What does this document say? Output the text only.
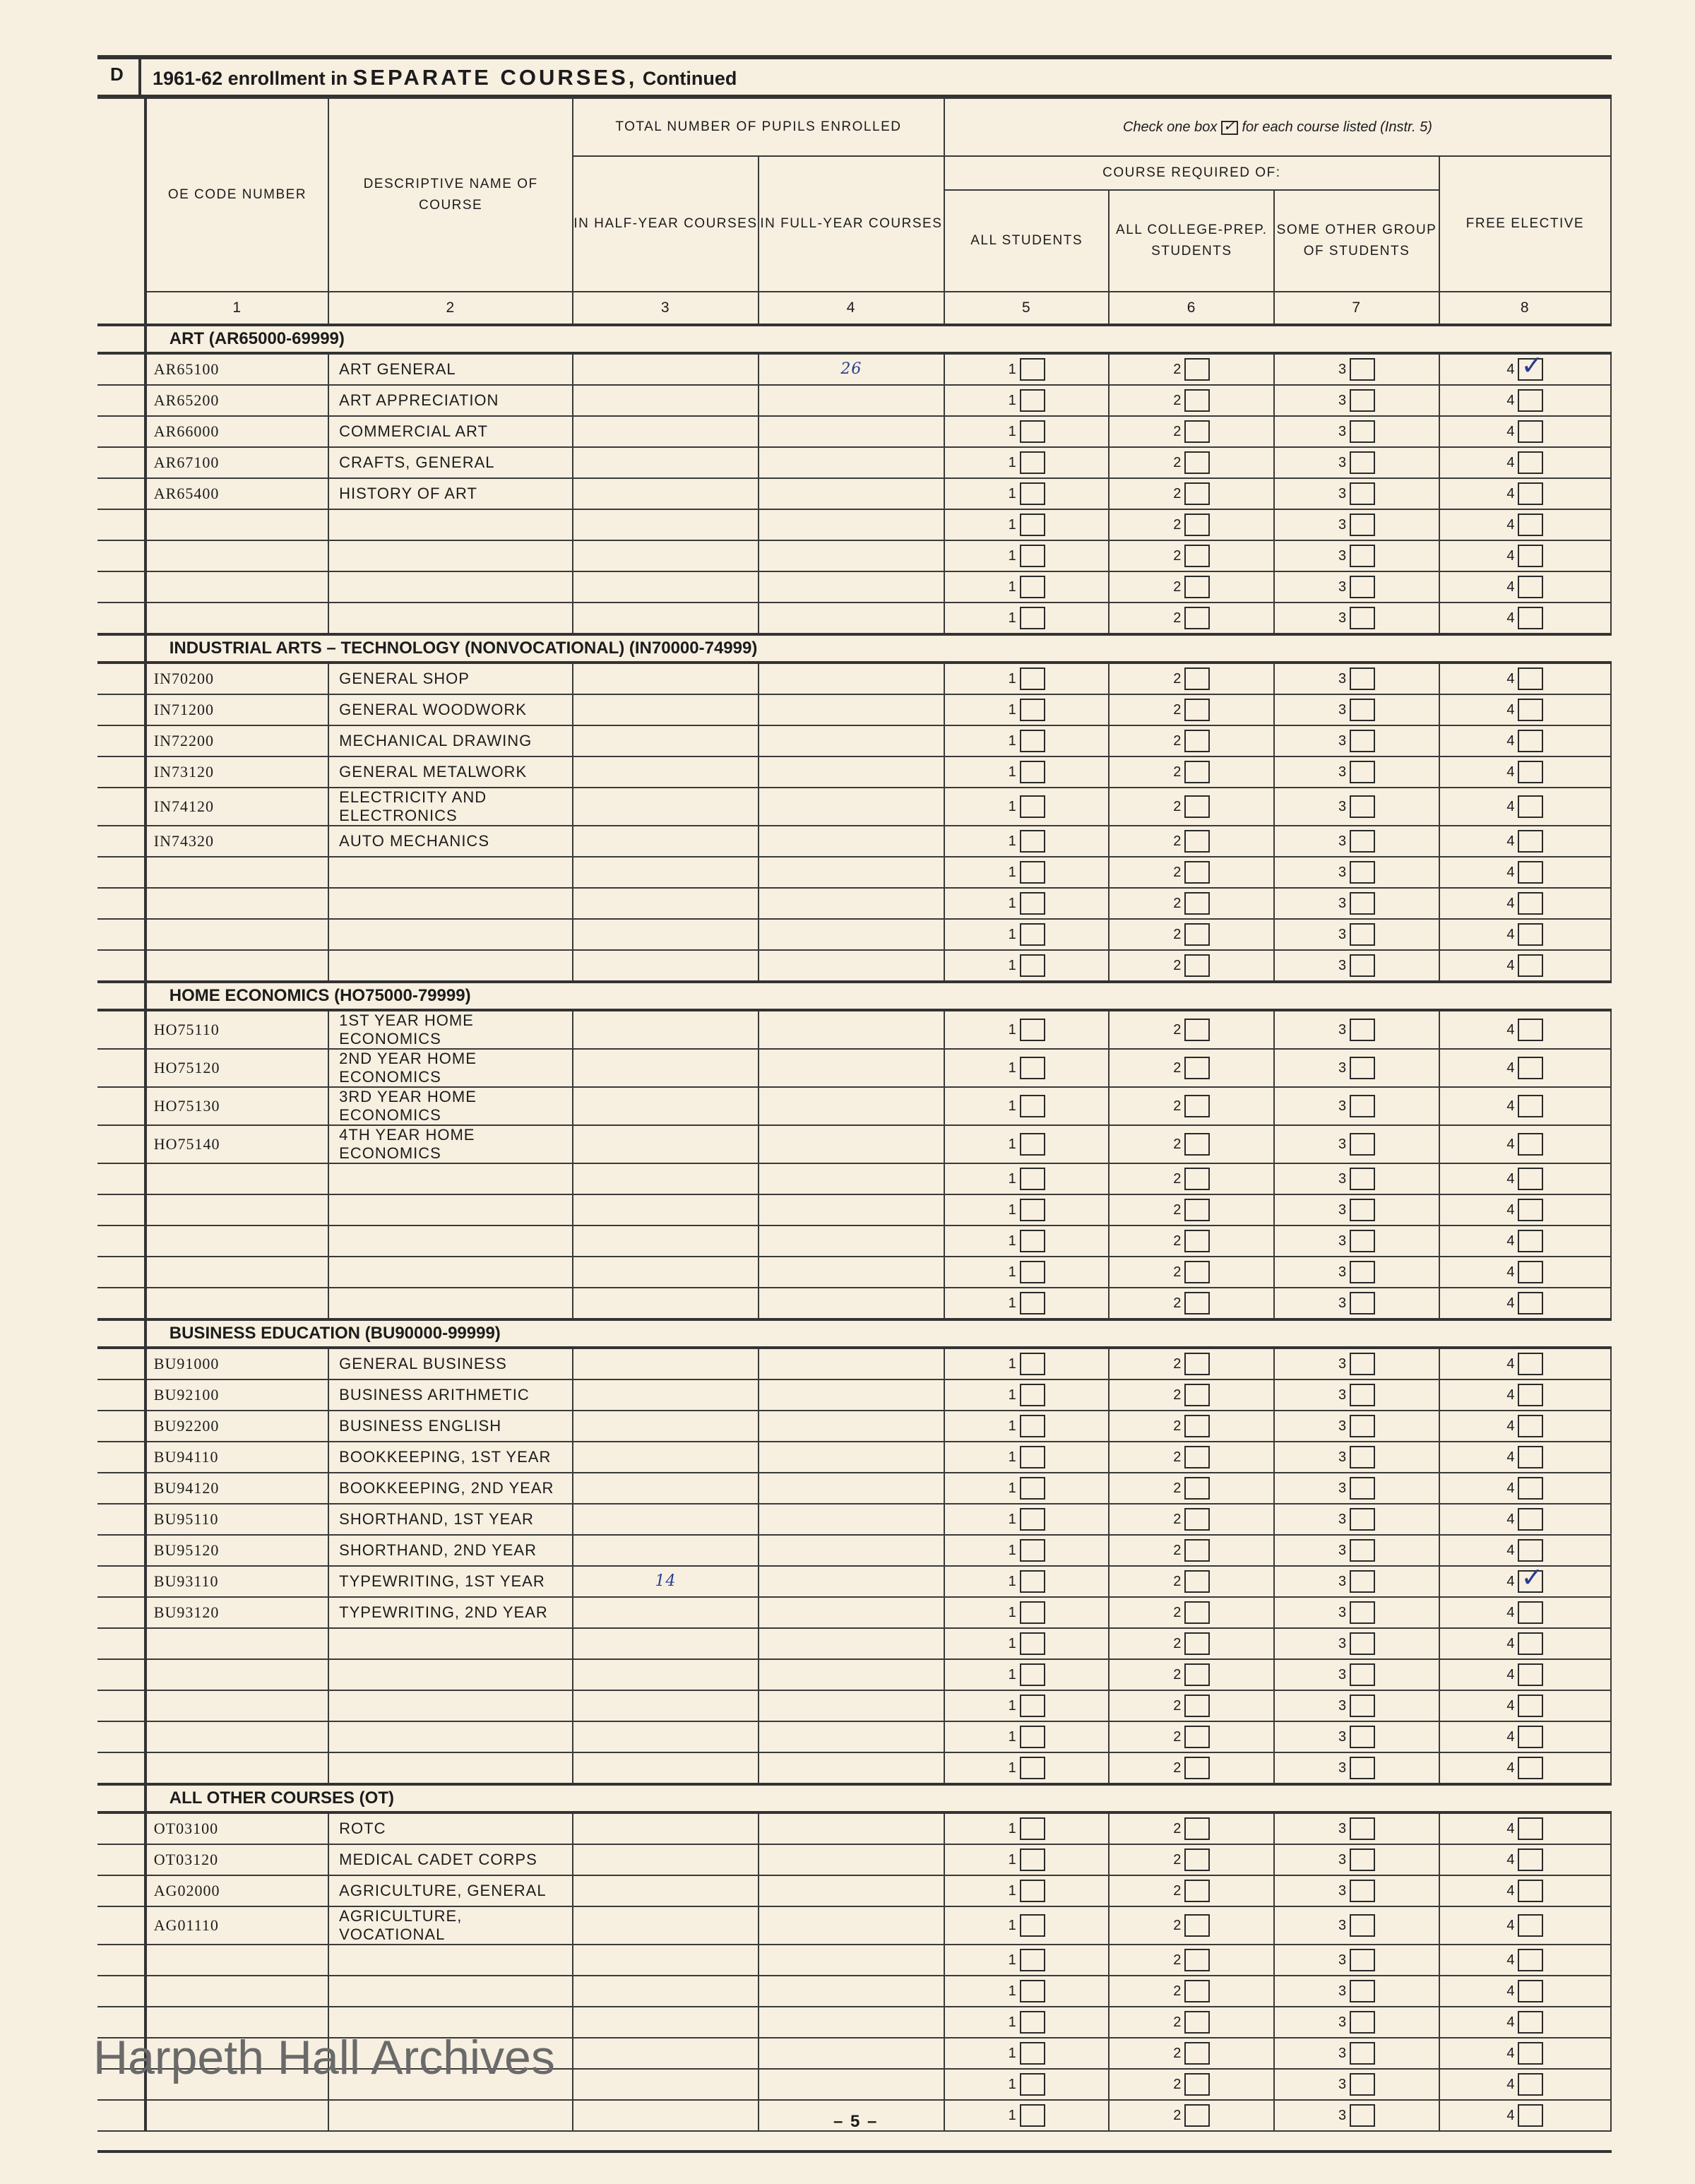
D 1961-62 enrollment in SEPARATE COURSES, Continued
	OE CODE NUMBER	DESCRIPTIVE NAME OF COURSE	TOTAL NUMBER OF PUPILS ENROLLED		Check one box ✓ for each course listed (Instr. 5)
			IN HALF-YEAR COURSES	IN FULL-YEAR COURSES	COURSE REQUIRED OF:			FREE ELECTIVE
					ALL STUDENTS	ALL COLLEGE-PREP. STUDENTS	SOME OTHER GROUP OF STUDENTS	
	1	2	3	4	5	6	7	8
	ART (AR65000-69999)							
	AR65100	ART GENERAL		26	1	2	3	4✓
	AR65200	ART APPRECIATION			1	2	3	4
	AR66000	COMMERCIAL ART			1	2	3	4
	AR67100	CRAFTS, GENERAL			1	2	3	4
	AR65400	HISTORY OF ART			1	2	3	4
					1	2	3	4
					1	2	3	4
					1	2	3	4
					1	2	3	4
	INDUSTRIAL ARTS – TECHNOLOGY (NONVOCATIONAL) (IN70000-74999)							
	IN70200	GENERAL SHOP			1	2	3	4
	IN71200	GENERAL WOODWORK			1	2	3	4
	IN72200	MECHANICAL DRAWING			1	2	3	4
	IN73120	GENERAL METALWORK			1	2	3	4
	IN74120	ELECTRICITY AND ELECTRONICS			1	2	3	4
	IN74320	AUTO MECHANICS			1	2	3	4
					1	2	3	4
					1	2	3	4
					1	2	3	4
					1	2	3	4
	HOME ECONOMICS (HO75000-79999)							
	HO75110	1ST YEAR HOME ECONOMICS			1	2	3	4
	HO75120	2ND YEAR HOME ECONOMICS			1	2	3	4
	HO75130	3RD YEAR HOME ECONOMICS			1	2	3	4
	HO75140	4TH YEAR HOME ECONOMICS			1	2	3	4
					1	2	3	4
					1	2	3	4
					1	2	3	4
					1	2	3	4
					1	2	3	4
	BUSINESS EDUCATION (BU90000-99999)							
	BU91000	GENERAL BUSINESS			1	2	3	4
	BU92100	BUSINESS ARITHMETIC			1	2	3	4
	BU92200	BUSINESS ENGLISH			1	2	3	4
	BU94110	BOOKKEEPING, 1ST YEAR			1	2	3	4
	BU94120	BOOKKEEPING, 2ND YEAR			1	2	3	4
	BU95110	SHORTHAND, 1ST YEAR			1	2	3	4
	BU95120	SHORTHAND, 2ND YEAR			1	2	3	4
	BU93110	TYPEWRITING, 1ST YEAR	14		1	2	3	4✓
	BU93120	TYPEWRITING, 2ND YEAR			1	2	3	4
					1	2	3	4
					1	2	3	4
					1	2	3	4
					1	2	3	4
					1	2	3	4
	ALL OTHER COURSES (OT)							
	OT03100	ROTC			1	2	3	4
	OT03120	MEDICAL CADET CORPS			1	2	3	4
	AG02000	AGRICULTURE, GENERAL			1	2	3	4
	AG01110	AGRICULTURE, VOCATIONAL			1	2	3	4
					1	2	3	4
					1	2	3	4
					1	2	3	4
					1	2	3	4
					1	2	3	4
					1	2	3	4
– 5 –
Harpeth Hall Archives
